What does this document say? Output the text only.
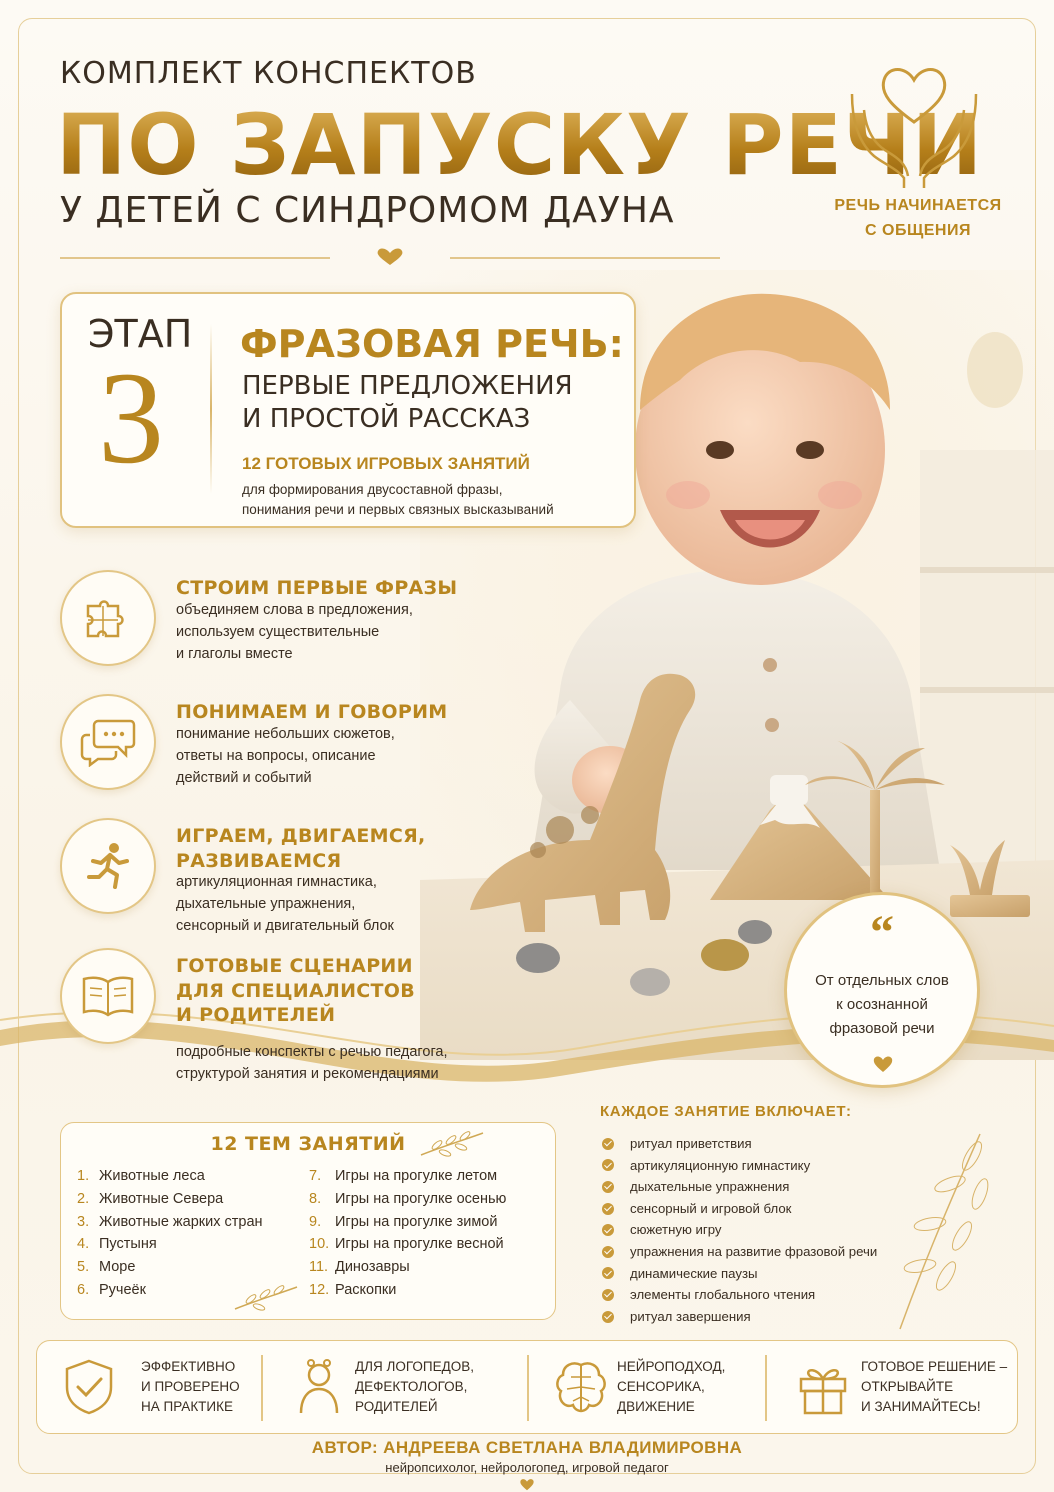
КОМПЛЕКТ КОНСПЕКТОВ
ПО ЗАПУСКУ РЕЧИ
У ДЕТЕЙ С СИНДРОМОМ ДАУНА	РЕЧЬ НАЧИНАЕТСЯ
С ОБЩЕНИЯ
ЭТАП
3 ФРАЗОВАЯ РЕЧЬ:
ПЕРВЫЕ ПРЕДЛОЖЕНИЯ
И ПРОСТОЙ РАССКАЗ
12 ГОТОВЫХ ИГРОВЫХ ЗАНЯТИЙ
для формирования двусоставной фразы,
понимания речи и первых связных высказываний
СТРОИМ ПЕРВЫЕ ФРАЗЫ
объединяем слова в предложения,
используем существительные
и глаголы вместе
ПОНИМАЕМ И ГОВОРИМ
понимание небольших сюжетов,
ответы на вопросы, описание
действий и событий
ИГРАЕМ, ДВИГАЕМСЯ,
РАЗВИВАЕМСЯ
артикуляционная гимнастика,
дыхательные упражнения,
сенсорный и двигательный блок
ГОТОВЫЕ СЦЕНАРИИ
ДЛЯ СПЕЦИАЛИСТОВ
И РОДИТЕЛЕЙ
подробные конспекты с речью педагога,
структурой занятия и рекомендациями
“
От отдельных слов
к осознанной
фразовой речи
12 ТЕМ ЗАНЯТИЙ
1. Животные леса
2. Животные Севера
3. Животные жарких стран
4. Пустыня
5. Море
6. Ручеёк
7. Игры на прогулке летом
8. Игры на прогулке осенью
9. Игры на прогулке зимой
10. Игры на прогулке весной
11. Динозавры
12. Раскопки
КАЖДОЕ ЗАНЯТИЕ ВКЛЮЧАЕТ:
ритуал приветствия
артикуляционную гимнастику
дыхательные упражнения
сенсорный и игровой блок
сюжетную игру
упражнения на развитие фразовой речи
динамические паузы
элементы глобального чтения
ритуал завершения
ЭФФЕКТИВНО
И ПРОВЕРЕНО
НА ПРАКТИКЕ
ДЛЯ ЛОГОПЕДОВ,
ДЕФЕКТОЛОГОВ,
РОДИТЕЛЕЙ
НЕЙРОПОДХОД,
СЕНСОРИКА,
ДВИЖЕНИЕ
ГОТОВОЕ РЕШЕНИЕ –
ОТКРЫВАЙТЕ
И ЗАНИМАЙТЕСЬ!
АВТОР: АНДРЕЕВА СВЕТЛАНА ВЛАДИМИРОВНА
нейропсихолог, нейрологопед, игровой педагог
